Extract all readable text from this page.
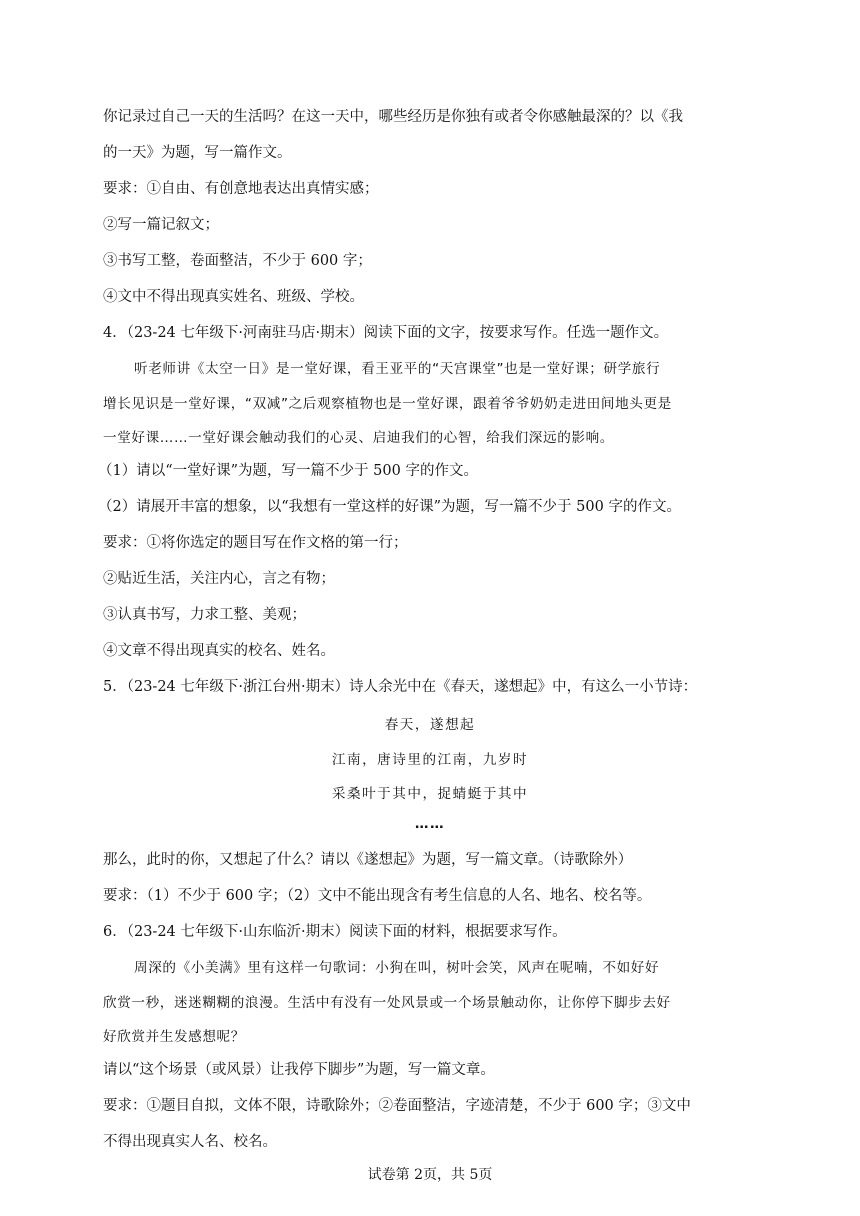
你记录过自己一天的生活吗？在这一天中，哪些经历是你独有或者令你感触最深的？以《我
的一天》为题，写一篇作文。
要求：①自由、有创意地表达出真情实感；
②写一篇记叙文；
③书写工整，卷面整洁，不少于 600 字；
④文中不得出现真实姓名、班级、学校。
4．（23-24 七年级下·河南驻马店·期末）阅读下面的文字，按要求写作。任选一题作文。
听老师讲《太空一日》是一堂好课，看王亚平的“天宫课堂”也是一堂好课；研学旅行
增长见识是一堂好课，“双减”之后观察植物也是一堂好课，跟着爷爷奶奶走进田间地头更是
一堂好课……一堂好课会触动我们的心灵、启迪我们的心智，给我们深远的影响。
（1）请以“一堂好课”为题，写一篇不少于 500 字的作文。
（2）请展开丰富的想象，以“我想有一堂这样的好课”为题，写一篇不少于 500 字的作文。
要求：①将你选定的题目写在作文格的第一行；
②贴近生活，关注内心，言之有物；
③认真书写，力求工整、美观；
④文章不得出现真实的校名、姓名。
5．（23-24 七年级下·浙江台州·期末）诗人余光中在《春天，遂想起》中，有这么一小节诗：
春天，遂想起
江南，唐诗里的江南，九岁时
采桑叶于其中，捉蜻蜓于其中
……
那么，此时的你，又想起了什么？请以《遂想起》为题，写一篇文章。（诗歌除外）
要求：（1）不少于 600 字；（2）文中不能出现含有考生信息的人名、地名、校名等。
6．（23-24 七年级下·山东临沂·期末）阅读下面的材料，根据要求写作。
周深的《小美满》里有这样一句歌词：小狗在叫，树叶会笑，风声在呢喃，不如好好
欣赏一秒，迷迷糊糊的浪漫。生活中有没有一处风景或一个场景触动你，让你停下脚步去好
好欣赏并生发感想呢？
请以“这个场景（或风景）让我停下脚步”为题，写一篇文章。
要求：①题目自拟，文体不限，诗歌除外；②卷面整洁，字迹清楚，不少于 600 字；③文中
不得出现真实人名、校名。
试卷第 2页，共 5页
